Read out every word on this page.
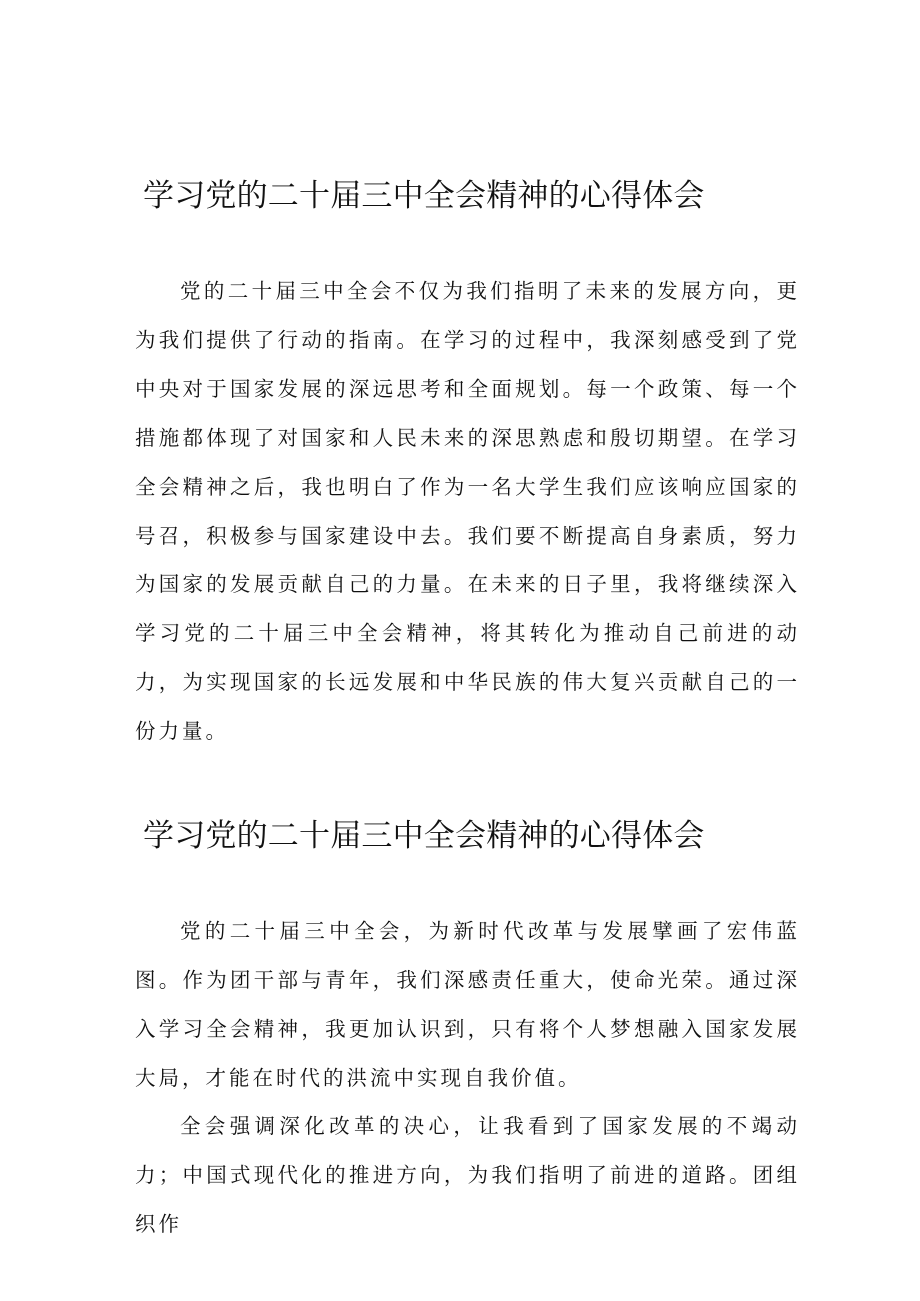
学习党的二十届三中全会精神的心得体会

党的二十届三中全会不仅为我们指明了未来的发展方向，更为我们提供了行动的指南。在学习的过程中，我深刻感受到了党中央对于国家发展的深远思考和全面规划。每一个政策、每一个措施都体现了对国家和人民未来的深思熟虑和殷切期望。在学习全会精神之后，我也明白了作为一名大学生我们应该响应国家的号召，积极参与国家建设中去。我们要不断提高自身素质，努力为国家的发展贡献自己的力量。在未来的日子里，我将继续深入学习党的二十届三中全会精神，将其转化为推动自己前进的动力，为实现国家的长远发展和中华民族的伟大复兴贡献自己的一份力量。

学习党的二十届三中全会精神的心得体会

党的二十届三中全会，为新时代改革与发展擘画了宏伟蓝图。作为团干部与青年，我们深感责任重大，使命光荣。通过深入学习全会精神，我更加认识到，只有将个人梦想融入国家发展大局，才能在时代的洪流中实现自我价值。

全会强调深化改革的决心，让我看到了国家发展的不竭动力；中国式现代化的推进方向，为我们指明了前进的道路。团组织作
